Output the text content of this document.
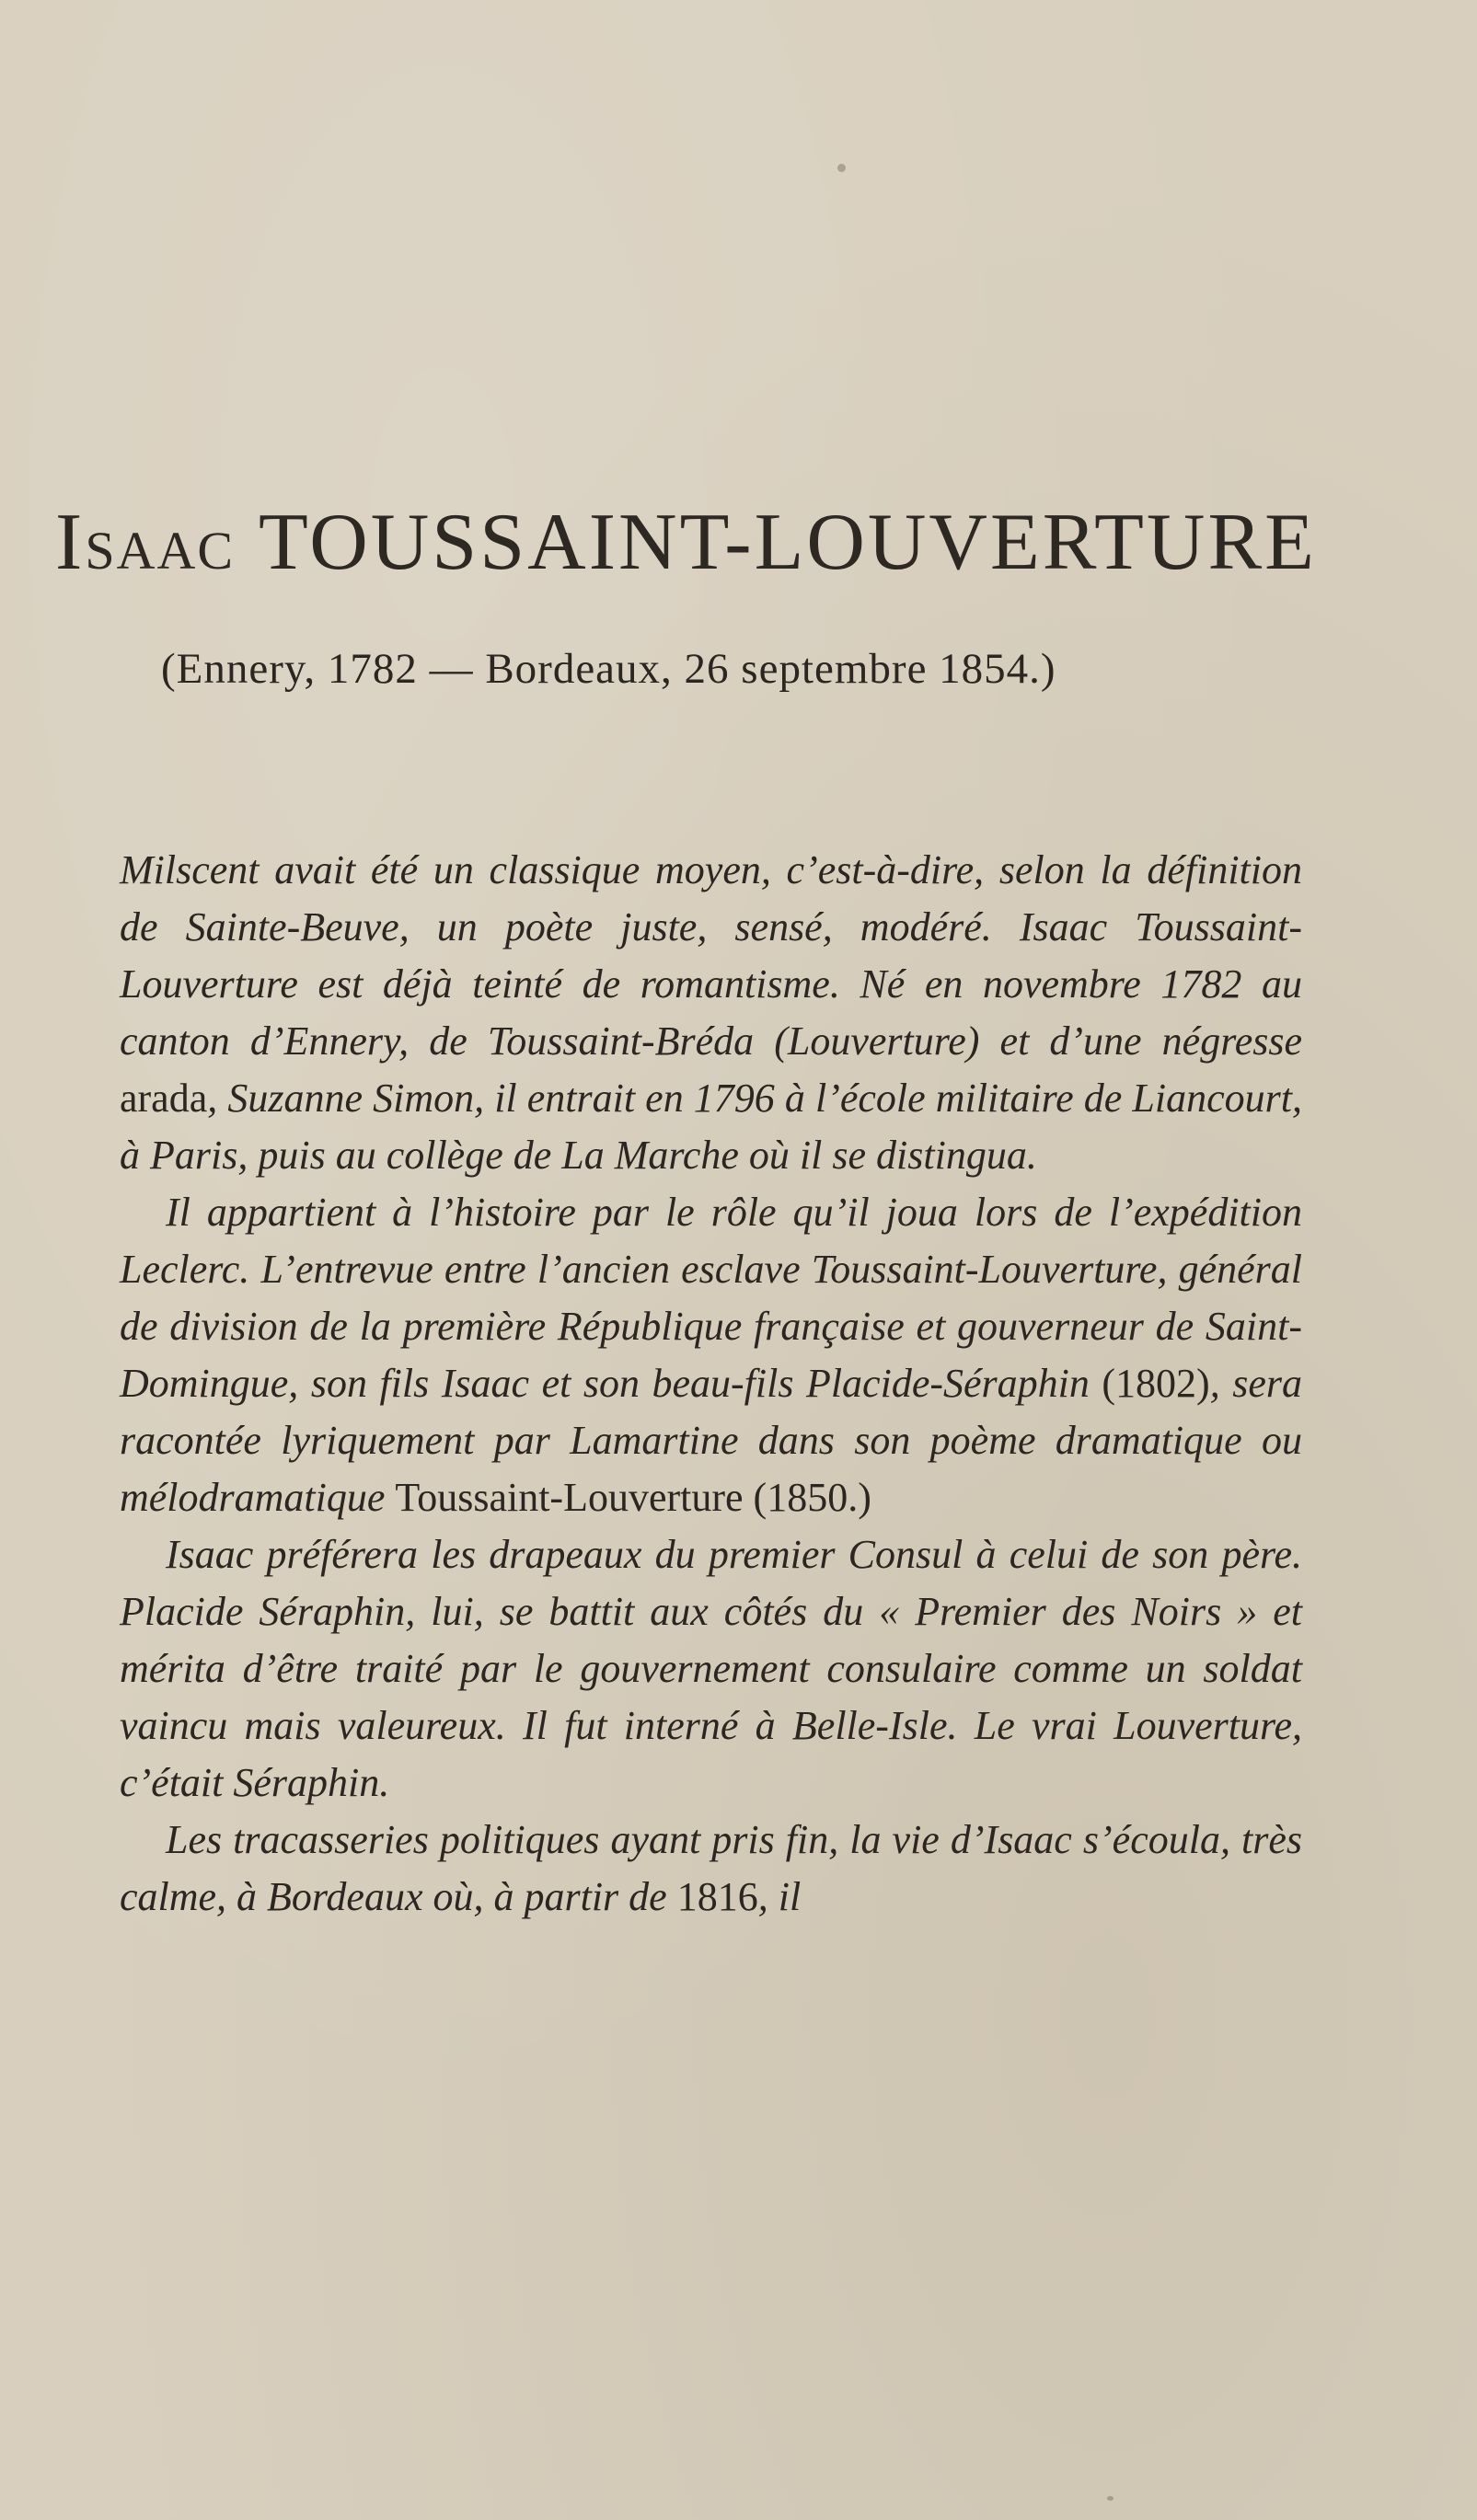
ISAAC TOUSSAINT-LOUVERTURE
(Ennery, 1782 — Bordeaux, 26 septembre 1854.)

Milscent avait été un classique moyen, c’est-à-dire, selon la définition de Sainte-Beuve, un poète juste, sensé, modéré. Isaac Toussaint-Louverture est déjà teinté de romantisme. Né en novembre 1782 au canton d’Ennery, de Toussaint-Bréda (Louverture) et d’une négresse arada, Suzanne Simon, il entrait en 1796 à l’école militaire de Liancourt, à Paris, puis au collège de La Marche où il se distingua.

Il appartient à l’histoire par le rôle qu’il joua lors de l’expédition Leclerc. L’entrevue entre l’ancien esclave Toussaint-Louverture, général de division de la première République française et gouverneur de Saint-Domingue, son fils Isaac et son beau-fils Placide-Séraphin (1802), sera racontée lyriquement par Lamartine dans son poème dramatique ou mélodramatique Toussaint-Louverture (1850.)

Isaac préférera les drapeaux du premier Consul à celui de son père. Placide Séraphin, lui, se battit aux côtés du « Premier des Noirs » et mérita d’être traité par le gouvernement consulaire comme un soldat vaincu mais valeureux. Il fut interné à Belle-Isle. Le vrai Louverture, c’était Séraphin.

Les tracasseries politiques ayant pris fin, la vie d’Isaac s’écoula, très calme, à Bordeaux où, à partir de 1816, il
